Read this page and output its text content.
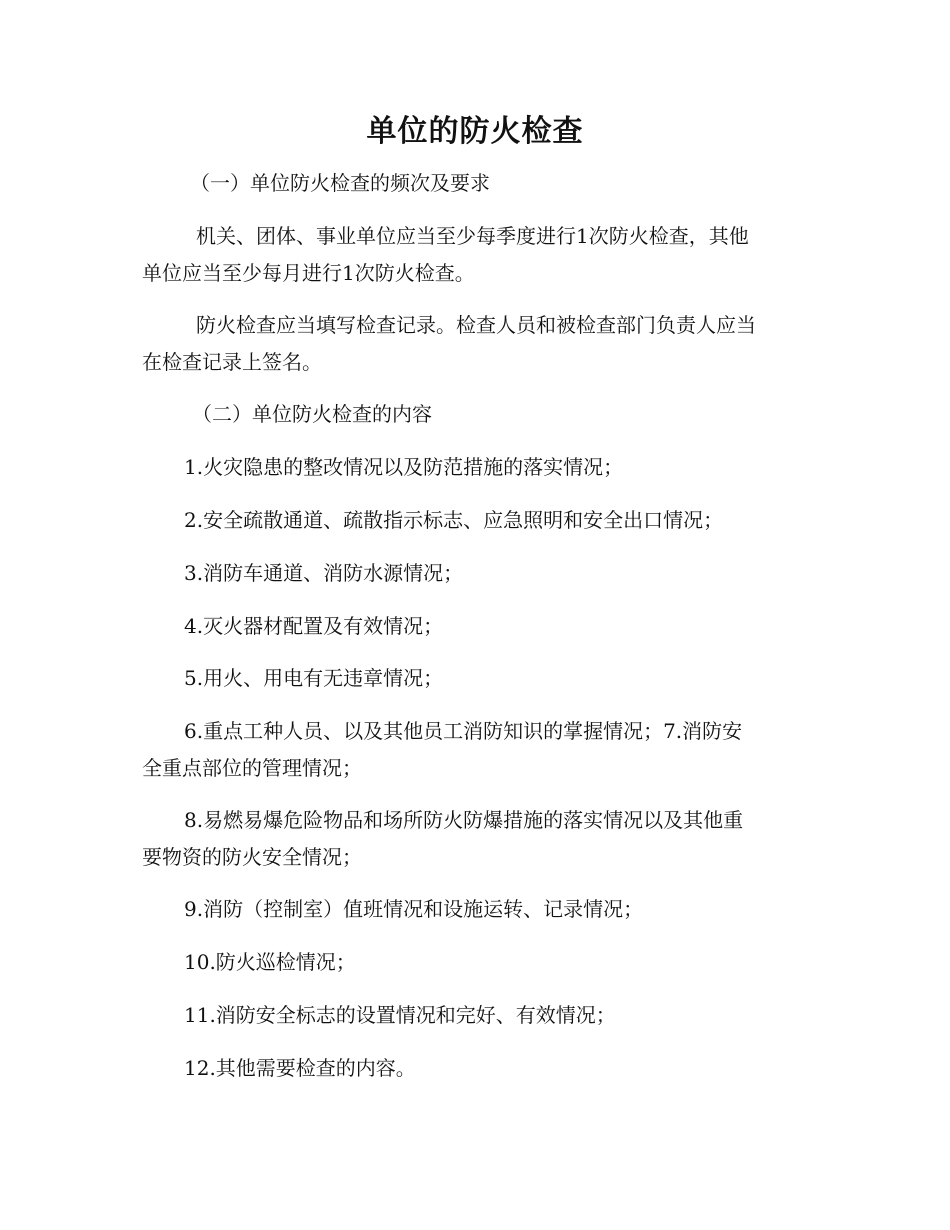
单位的防火检查
（一）单位防火检查的频次及要求
机关、团体、事业单位应当至少每季度进行1次防火检查，其他
单位应当至少每月进行1次防火检查。
防火检查应当填写检查记录。检查人员和被检查部门负责人应当
在检查记录上签名。
（二）单位防火检查的内容
1.火灾隐患的整改情况以及防范措施的落实情况；
2.安全疏散通道、疏散指示标志、应急照明和安全出口情况；
3.消防车通道、消防水源情况；
4.灭火器材配置及有效情况；
5.用火、用电有无违章情况；
6.重点工种人员、以及其他员工消防知识的掌握情况；7.消防安
全重点部位的管理情况；
8.易燃易爆危险物品和场所防火防爆措施的落实情况以及其他重
要物资的防火安全情况；
9.消防（控制室）值班情况和设施运转、记录情况；
10.防火巡检情况；
11.消防安全标志的设置情况和完好、有效情况；
12.其他需要检查的内容。
